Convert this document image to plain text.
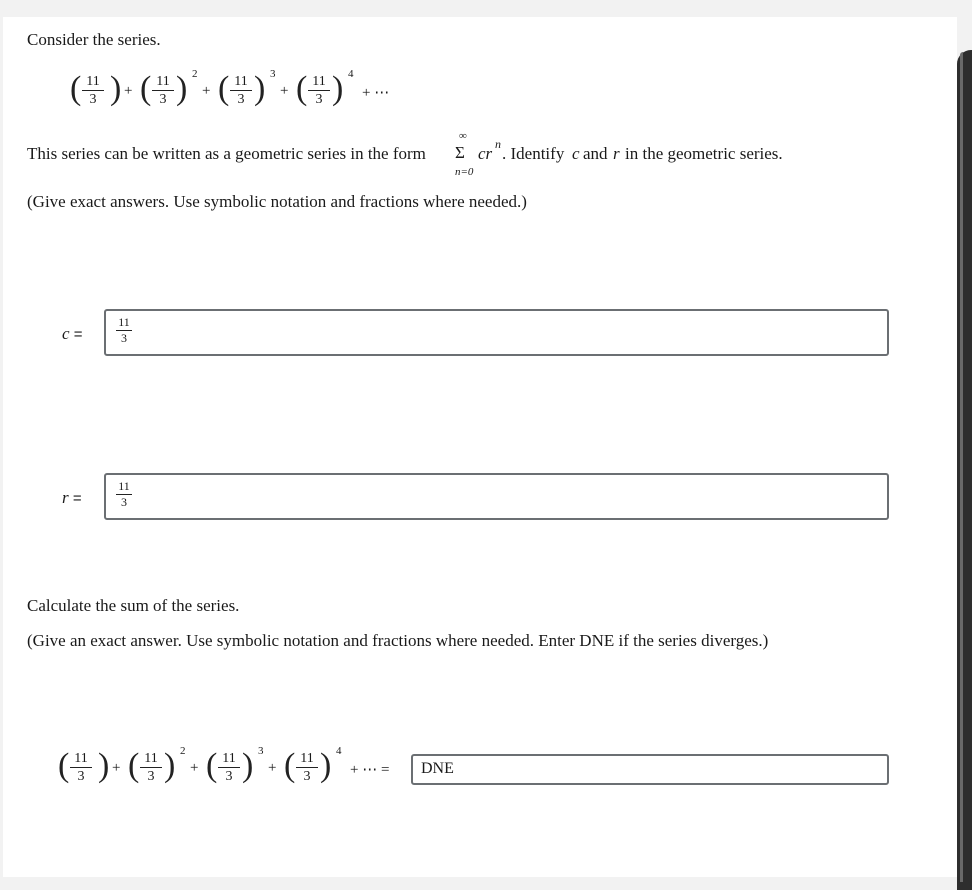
Consider the series.
( 11
3 ) + ( 11
3 ) 2
+ ( 11
3 ) 3
+ ( 11
3 ) 4
+ ⋯
This series can be written as a geometric series in the form
∞
Σ
n=0
cr n . Identify c and r in the geometric series.
(Give exact answers. Use symbolic notation and fractions where needed.)
c =
11
3
r =
11
3
Calculate the sum of the series.
(Give an exact answer. Use symbolic notation and fractions where needed. Enter DNE if the series diverges.)
( 11
3 ) + ( 11
3 ) 2
+ ( 11
3 ) 3
+ ( 11
3 ) 4
+ ⋯ = DNE
